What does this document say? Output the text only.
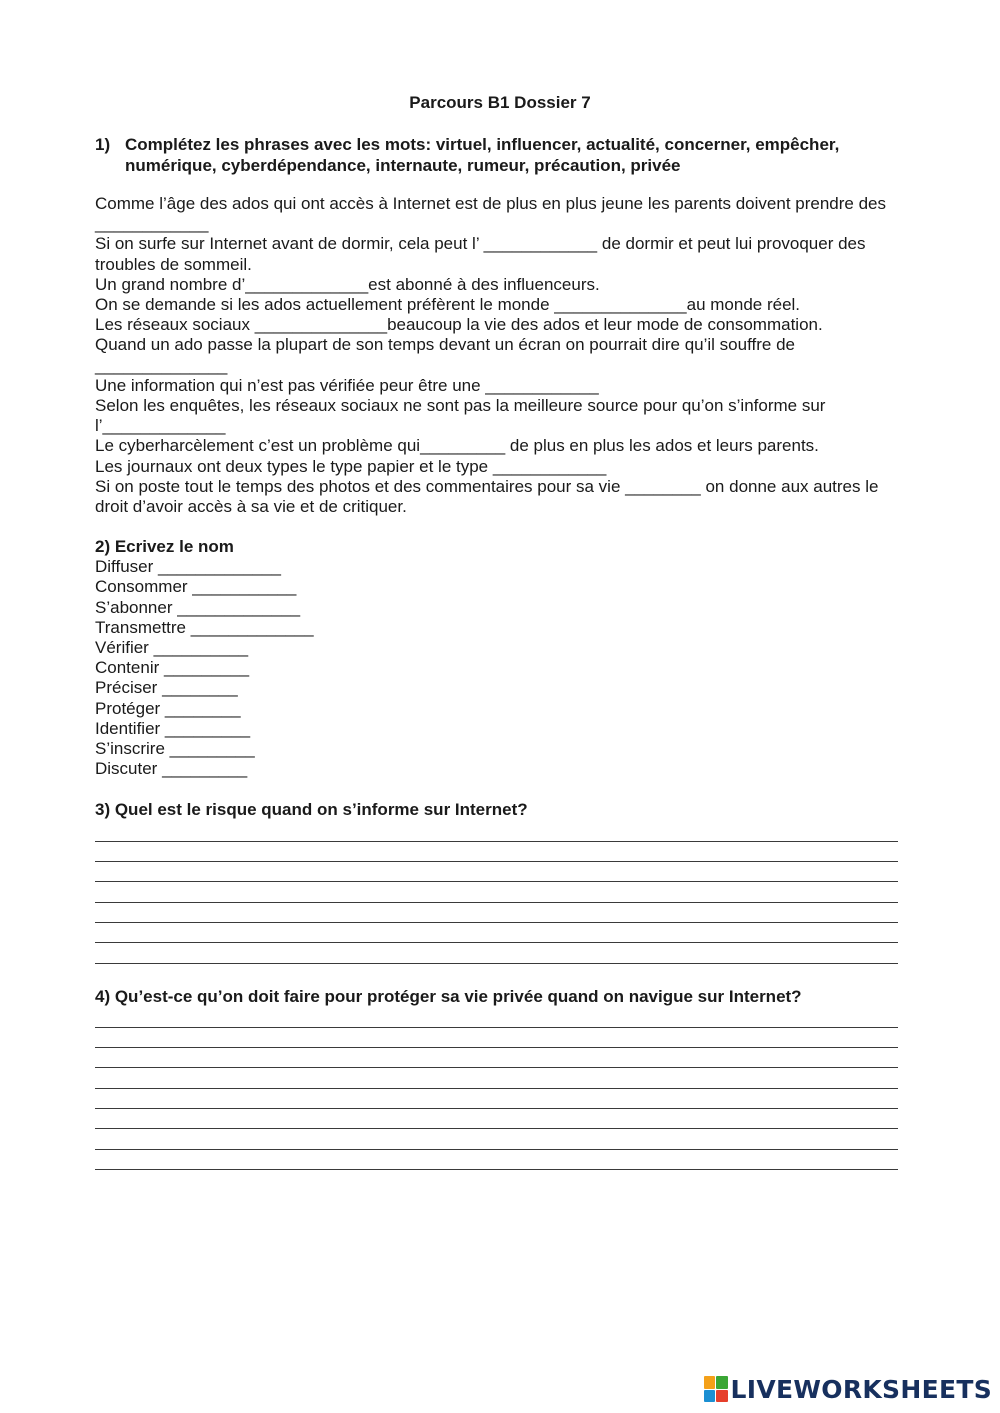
Parcours B1 Dossier 7
1) Complétez les phrases avec les mots: virtuel, influencer, actualité, concerner, empêcher, numérique, cyberdépendance, internaute, rumeur, précaution, privée

Comme l’âge des ados qui ont accès à Internet est de plus en plus jeune les parents doivent prendre des ____________

Si on surfe sur Internet avant de dormir, cela peut l’ ____________ de dormir et peut lui provoquer des troubles de sommeil.

Un grand nombre d’_____________est abonné à des influenceurs.

On se demande si les ados actuellement préfèrent le monde ______________au monde réel.

Les réseaux sociaux ______________beaucoup la vie des ados et leur mode de consommation.

Quand un ado passe la plupart de son temps devant un écran on pourrait dire qu’il souffre de ______________

Une information qui n’est pas vérifiée peur être une ____________

Selon les enquêtes, les réseaux sociaux ne sont pas la meilleure source pour qu’on s’informe sur l’_____________

Le cyberharcèlement c’est un problème qui_________ de plus en plus les ados et leurs parents.

Les journaux ont deux types le type papier et le type ____________

Si on poste tout le temps des photos et des commentaires pour sa vie ________ on donne aux autres le droit d’avoir accès à sa vie et de critiquer.

2) Ecrivez le nom

Diffuser _____________

Consommer ___________

S’abonner _____________

Transmettre _____________

Vérifier __________

Contenir _________

Préciser ________

Protéger ________

Identifier _________

S’inscrire _________

Discuter _________

3) Quel est le risque quand on s’informe sur Internet?
4) Qu’est-ce qu’on doit faire pour protéger sa vie privée quand on navigue sur Internet?
LIVEWORKSHEETS
